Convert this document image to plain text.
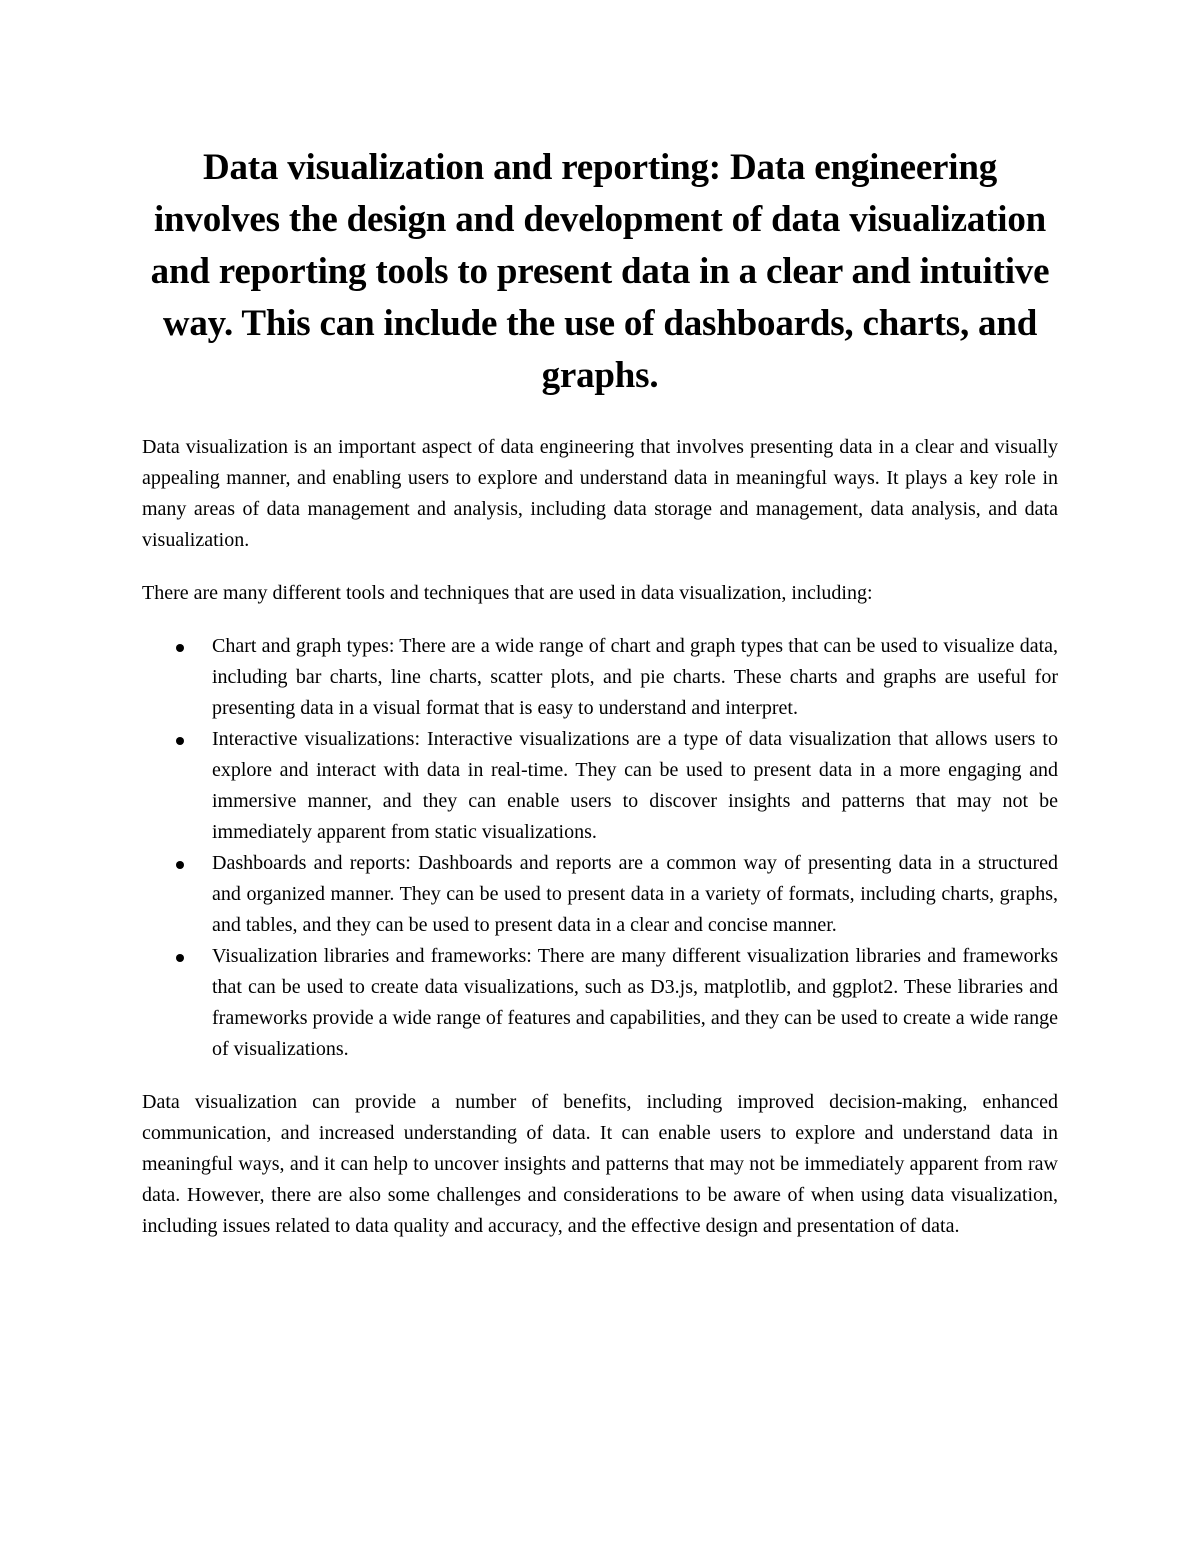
Data visualization and reporting: Data engineering involves the design and development of data visualization and reporting tools to present data in a clear and intuitive way. This can include the use of dashboards, charts, and graphs.

Data visualization is an important aspect of data engineering that involves presenting data in a clear and visually appealing manner, and enabling users to explore and understand data in meaningful ways. It plays a key role in many areas of data management and analysis, including data storage and management, data analysis, and data visualization.

There are many different tools and techniques that are used in data visualization, including:

Chart and graph types: There are a wide range of chart and graph types that can be used to visualize data, including bar charts, line charts, scatter plots, and pie charts. These charts and graphs are useful for presenting data in a visual format that is easy to understand and interpret.
Interactive visualizations: Interactive visualizations are a type of data visualization that allows users to explore and interact with data in real-time. They can be used to present data in a more engaging and immersive manner, and they can enable users to discover insights and patterns that may not be immediately apparent from static visualizations.
Dashboards and reports: Dashboards and reports are a common way of presenting data in a structured and organized manner. They can be used to present data in a variety of formats, including charts, graphs, and tables, and they can be used to present data in a clear and concise manner.
Visualization libraries and frameworks: There are many different visualization libraries and frameworks that can be used to create data visualizations, such as D3.js, matplotlib, and ggplot2. These libraries and frameworks provide a wide range of features and capabilities, and they can be used to create a wide range of visualizations.

Data visualization can provide a number of benefits, including improved decision-making, enhanced communication, and increased understanding of data. It can enable users to explore and understand data in meaningful ways, and it can help to uncover insights and patterns that may not be immediately apparent from raw data. However, there are also some challenges and considerations to be aware of when using data visualization, including issues related to data quality and accuracy, and the effective design and presentation of data.
